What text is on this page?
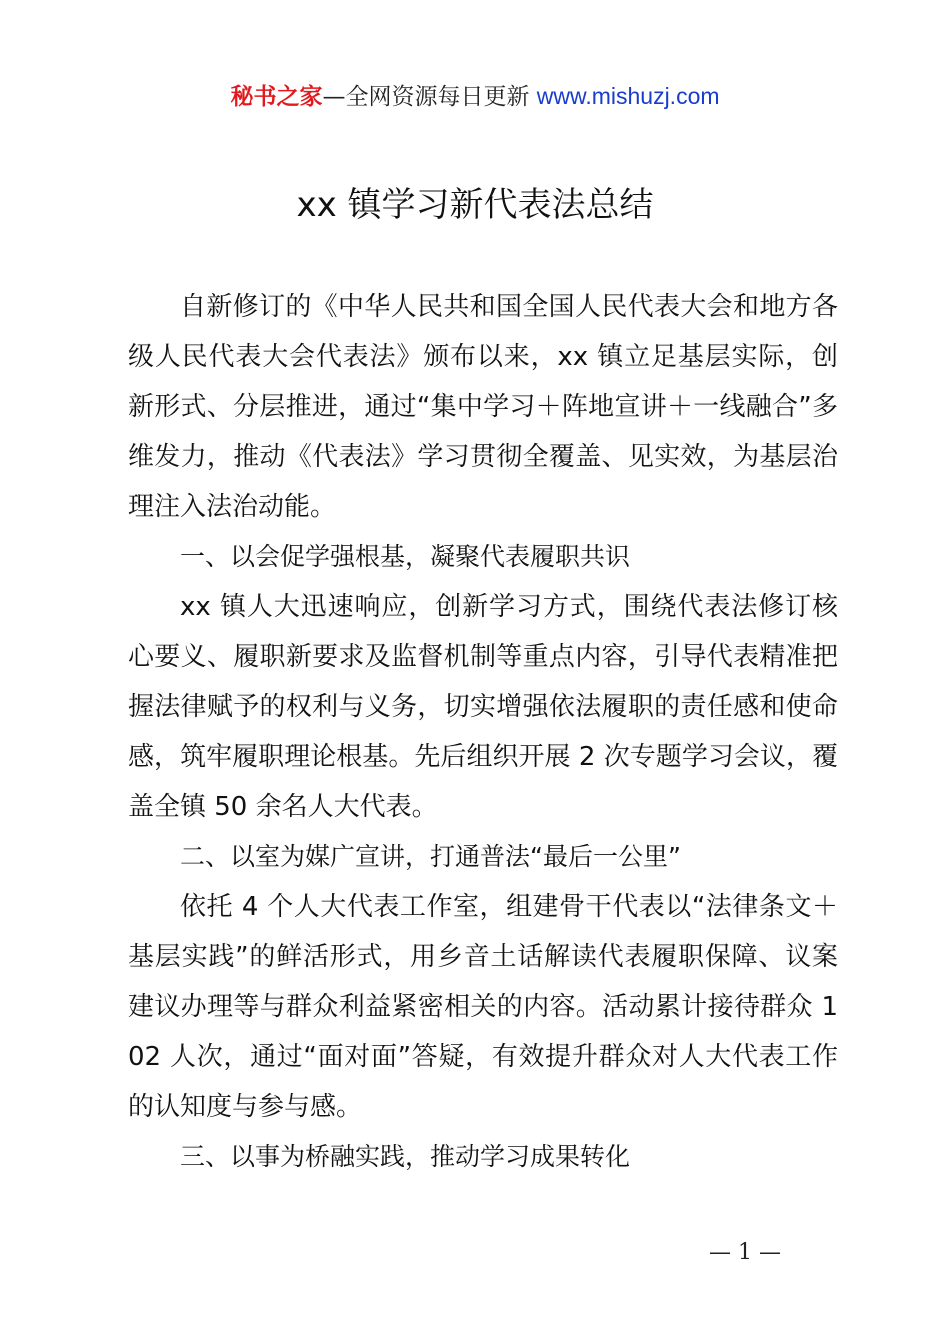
秘书之家—全网资源每日更新 www.mishuzj.com
xx 镇学习新代表法总结

自新修订的《中华人民共和国全国人民代表大会和地方各级人民代表大会代表法》颁布以来，xx 镇立足基层实际，创新形式、分层推进，通过“集中学习＋阵地宣讲＋一线融合”多维发力，推动《代表法》学习贯彻全覆盖、见实效，为基层治理注入法治动能。

一、以会促学强根基，凝聚代表履职共识

xx 镇人大迅速响应，创新学习方式，围绕代表法修订核心要义、履职新要求及监督机制等重点内容，引导代表精准把握法律赋予的权利与义务，切实增强依法履职的责任感和使命感，筑牢履职理论根基。先后组织开展 2 次专题学习会议，覆盖全镇 50 余名人大代表。

二、以室为媒广宣讲，打通普法“最后一公里”

依托 4 个人大代表工作室，组建骨干代表以“法律条文＋基层实践”的鲜活形式，用乡音土话解读代表履职保障、议案建议办理等与群众利益紧密相关的内容。活动累计接待群众 102 人次，通过“面对面”答疑，有效提升群众对人大代表工作的认知度与参与感。

三、以事为桥融实践，推动学习成果转化

— 1 —
